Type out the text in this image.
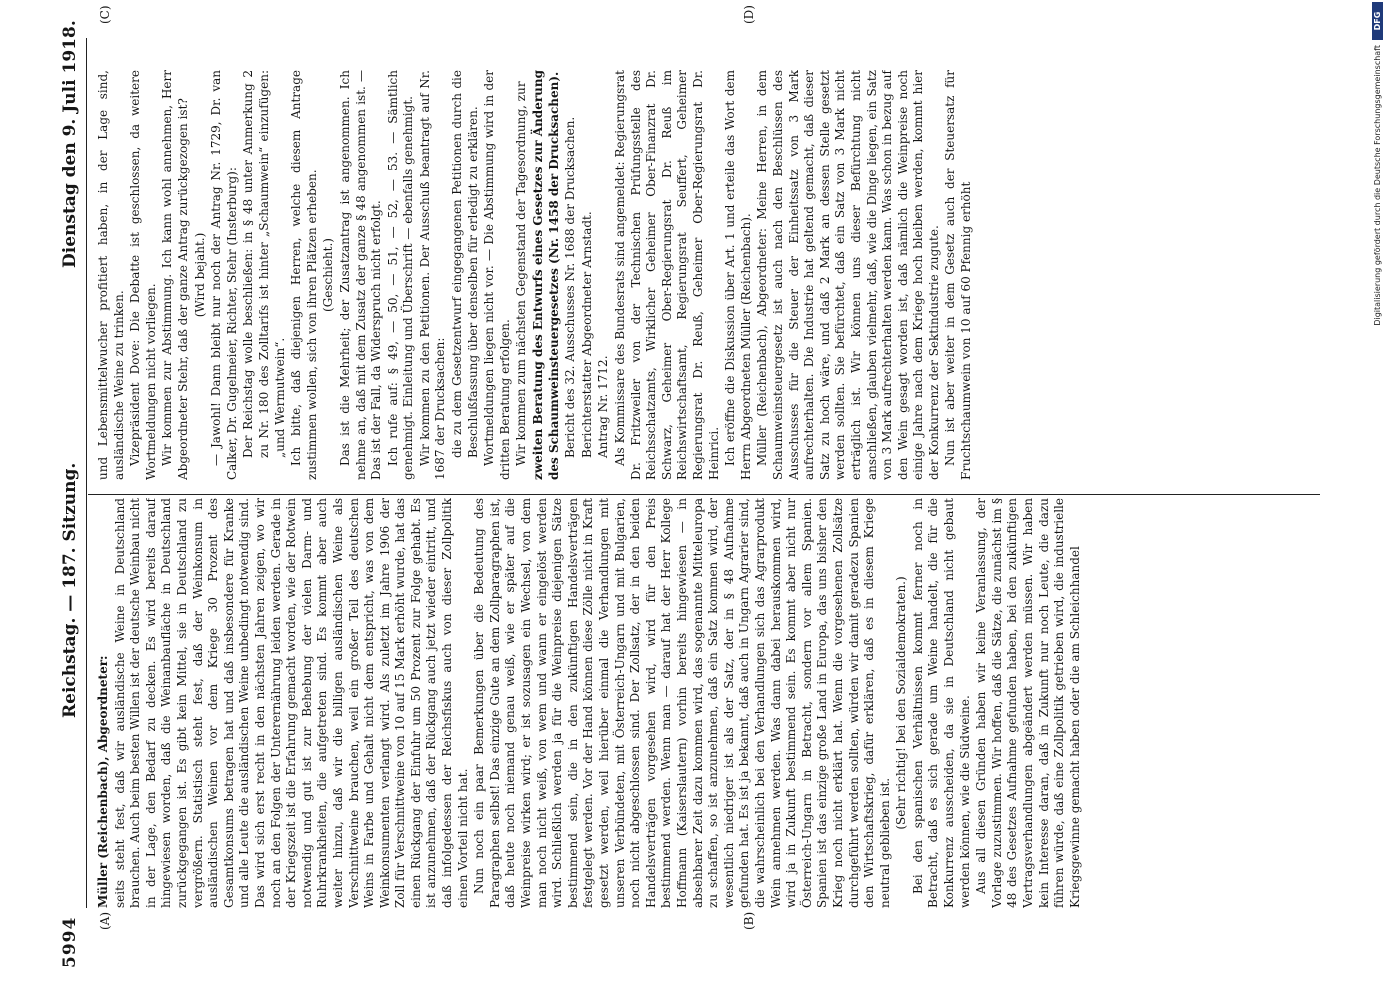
5994
Reichstag. — 187. Sitzung.
Dienstag den 9. Juli 1918.
(A)	(B)
(C)	(D)

Müller (Reichenbach), Abgeordneter: seits steht fest, daß wir ausländische Weine in Deutschland brauchen. Auch beim besten Willen ist der deutsche Weinbau nicht in der Lage, den Bedarf zu decken. Es wird bereits darauf hingewiesen worden, daß die Weinanbaufläche in Deutschland zurückgegangen ist. Es gibt kein Mittel, sie in Deutschland zu vergrößern. Statistisch steht fest, daß der Weinkonsum in ausländischen Weinen vor dem Kriege 30 Prozent des Gesamtkonsums betragen hat und daß insbesondere für Kranke und alle Leute die ausländischen Weine unbedingt notwendig sind. Das wird sich erst recht in den nächsten Jahren zeigen, wo wir noch an den Folgen der Unterernährung leiden werden. Gerade in der Kriegszeit ist die Erfahrung gemacht worden, wie der Rotwein notwendig und gut ist zur Behebung der vielen Darm- und Ruhrkrankheiten, die aufgetreten sind. Es kommt aber auch weiter hinzu, daß wir die billigen ausländischen Weine als Verschnittweine brauchen, weil ein großer Teil des deutschen Weins in Farbe und Gehalt nicht dem entspricht, was von dem Weinkonsumenten verlangt wird. Als zuletzt im Jahre 1906 der Zoll für Verschnittweine von 10 auf 15 Mark erhöht wurde, hat das einen Rückgang der Einfuhr um 50 Prozent zur Folge gehabt. Es ist anzunehmen, daß der Rückgang auch jetzt wieder eintritt, und daß infolgedessen der Reichsfiskus auch von dieser Zollpolitik einen Vorteil nicht hat. Nun noch ein paar Bemerkungen über die Bedeutung des Paragraphen selbst! Das einzige Gute an dem Zollparagraphen ist, daß heute noch niemand genau weiß, wie er später auf die Weinpreise wirken wird; er ist sozusagen ein Wechsel, von dem man noch nicht weiß, von wem und wann er eingelöst werden wird. Schließlich werden ja für die Weinpreise diejenigen Sätze bestimmend sein, die in den zukünftigen Handelsverträgen festgelegt werden. Vor der Hand können diese Zölle nicht in Kraft gesetzt werden, weil hierüber einmal die Verhandlungen mit unseren Verbündeten, mit Österreich-Ungarn und mit Bulgarien, noch nicht abgeschlossen sind. Der Zollsatz, der in den beiden Handelsverträgen vorgesehen wird, wird für den Preis bestimmend werden. Wenn man — darauf hat der Herr Kollege Hoffmann (Kaiserslautern) vorhin bereits hingewiesen — in absehbarer Zeit dazu kommen wird, das sogenannte Mitteleuropa zu schaffen, so ist anzunehmen, daß ein Satz kommen wird, der wesentlich niedriger ist als der Satz, der in § 48 Aufnahme gefunden hat. Es ist ja bekannt, daß auch in Ungarn Agrarier sind, die wahrscheinlich bei den Verhandlungen sich das Agrarprodukt Wein annehmen werden. Was dann dabei herauskommen wird, wird ja in Zukunft bestimmend sein. Es kommt aber nicht nur Österreich-Ungarn in Betracht, sondern vor allem Spanien. Spanien ist das einzige große Land in Europa, das uns bisher den Krieg noch nicht erklärt hat. Wenn die vorgesehenen Zollsätze durchgeführt werden sollten, würden wir damit geradezu Spanien den Wirtschaftskrieg, dafür erklären, daß es in diesem Kriege neutral geblieben ist.

(Sehr richtig! bei den Sozialdemokraten.) Bei den spanischen Verhältnissen kommt ferner noch in Betracht, daß es sich gerade um Weine handelt, die für die Konkurrenz ausscheiden, da sie in Deutschland nicht gebaut werden können, wie die Südweine. Aus all diesen Gründen haben wir keine Veranlassung, der Vorlage zuzustimmen. Wir hoffen, daß die Sätze, die zunächst im § 48 des Gesetzes Aufnahme gefunden haben, bei den zukünftigen Vertragsverhandlungen abgeändert werden müssen. Wir haben kein Interesse daran, daß in Zukunft nur noch Leute, die dazu führen würde, daß eine Zollpolitik getrieben wird, die industrielle Kriegsgewinne gemacht haben oder die am Schleichhandel

und Lebensmittelwucher profitiert haben, in der Lage sind, ausländische Weine zu trinken. Vizepräsident Dove: Die Debatte ist geschlossen, da weitere Wortmeldungen nicht vorliegen. Wir kommen zur Abstimmung. Ich kann wohl annehmen, Herr Abgeordneter Stehr, daß der ganze Antrag zurückgezogen ist? (Wird bejaht.) — Jawohl! Dann bleibt nur noch der Antrag Nr. 1729, Dr. van Calker, Dr. Gugelmeier, Richter, Stehr (Insterburg): Der Reichstag wolle beschließen: in § 48 unter Anmerkung 2 zu Nr. 180 des Zolltarifs ist hinter „Schaumwein“ einzufügen: „und Wermutwein“. Ich bitte, daß diejenigen Herren, welche diesem Antrage zustimmen wollen, sich von ihren Plätzen erheben. (Geschieht.) Das ist die Mehrheit; der Zusatzantrag ist angenommen. Ich nehme an, daß mit dem Zusatz der ganze § 48 angenommen ist. — Das ist der Fall, da Widerspruch nicht erfolgt. Ich rufe auf: § 49, — 50, — 51, — 52, — 53. — Sämtlich genehmigt. Einleitung und Überschrift — ebenfalls genehmigt. Wir kommen zu den Petitionen. Der Ausschuß beantragt auf Nr. 1687 der Drucksachen: die zu dem Gesetzentwurf eingegangenen Petitionen durch die Beschlußfassung über denselben für erledigt zu erklären. Wortmeldungen liegen nicht vor. — Die Abstimmung wird in der dritten Beratung erfolgen. Wir kommen zum nächsten Gegenstand der Tagesordnung, zur zweiten Beratung des Entwurfs eines Gesetzes zur Änderung des Schaumweinsteuergesetzes (Nr. 1458 der Drucksachen). Bericht des 32. Ausschusses Nr. 1688 der Drucksachen. Berichterstatter Abgeordneter Arnstadt. Antrag Nr. 1712. Als Kommissare des Bundesrats sind angemeldet: Regierungsrat Dr. Fritzweiler von der Technischen Prüfungsstelle des Reichsschatzamts, Wirklicher Geheimer Ober-Finanzrat Dr. Schwarz, Geheimer Ober-Regierungsrat Dr. Reuß im Reichswirtschaftsamt, Regierungsrat Seuffert, Geheimer Regierungsrat Dr. Reuß, Geheimer Ober-Regierungsrat Dr. Heinrici. Ich eröffne die Diskussion über Art. 1 und erteile das Wort dem Herrn Abgeordneten Müller (Reichenbach). Müller (Reichenbach), Abgeordneter: Meine Herren, in dem Schaumweinsteuergesetz ist auch nach den Beschlüssen des Ausschusses für die Steuer der Einheitssatz von 3 Mark aufrechterhalten. Die Industrie hat geltend gemacht, daß dieser Satz zu hoch wäre, und daß 2 Mark an dessen Stelle gesetzt werden sollten. Sie befürchtet, daß ein Satz von 3 Mark nicht erträglich ist. Wir können uns dieser Befürchtung nicht anschließen, glauben vielmehr, daß, wie die Dinge liegen, ein Satz von 3 Mark aufrechterhalten werden kann. Was schon in bezug auf den Wein gesagt worden ist, daß nämlich die Weinpreise noch einige Jahre nach dem Kriege hoch bleiben werden, kommt hier der Konkurrenz der Sektindustrie zugute. Nun ist aber weiter in dem Gesetz auch der Steuersatz für Fruchtschaumwein von 10 auf 60 Pfennig erhöht	Digitalisierung gefördert durch die Deutsche Forschungsgemeinschaft
DFG
